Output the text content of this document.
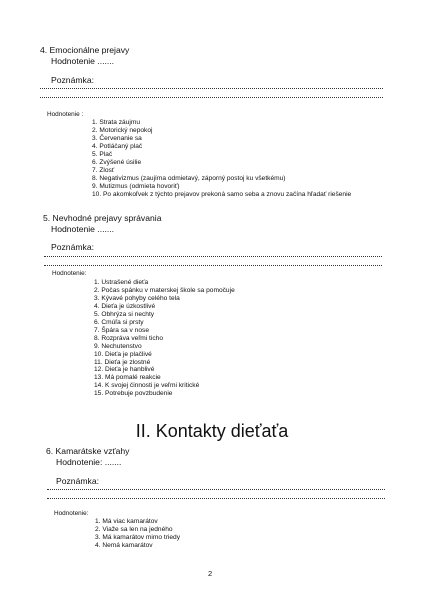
4. Emocionálne prejavy
Hodnotenie .......
Poznámka:
Hodnotenie :
1. Strata záujmu
2. Motorický nepokoj
3. Červenanie sa
4. Potláčaný plač
5. Plač
6. Zvýšené úsilie
7. Zlosť
8. Negativizmus (zaujíma odmietavý, záporný postoj ku všetkému)
9. Mutizmus (odmieta hovoriť)
10. Po akomkoľvek z týchto prejavov prekoná samo seba a znovu začína hľadať riešenie
5. Nevhodné prejavy správania
Hodnotenie .......
Poznámka:
Hodnotenie:
1. Ustrašené dieťa
2. Počas spánku v materskej škole sa pomočuje
3. Kývavé pohyby celého tela
4. Dieťa je úzkostlivé
5. Obhrýza si nechty
6. Cmúľa si prsty
7. Špára sa v nose
8. Rozpráva veľmi ticho
9. Nechutenstvo
10. Dieťa je plačlivé
11. Dieťa je zlostné
12. Dieťa je hanblivé
13. Má pomalé reakcie
14. K svojej činnosti je veľmi kritické
15. Potrebuje povzbudenie
II. Kontakty dieťaťa
6. Kamarátske vzťahy
Hodnotenie: .......
Poznámka:
Hodnotenie:
1. Má viac kamarátov
2. Viaže sa len na jedného
3. Má kamarátov mimo triedy
4. Nemá kamarátov
2
